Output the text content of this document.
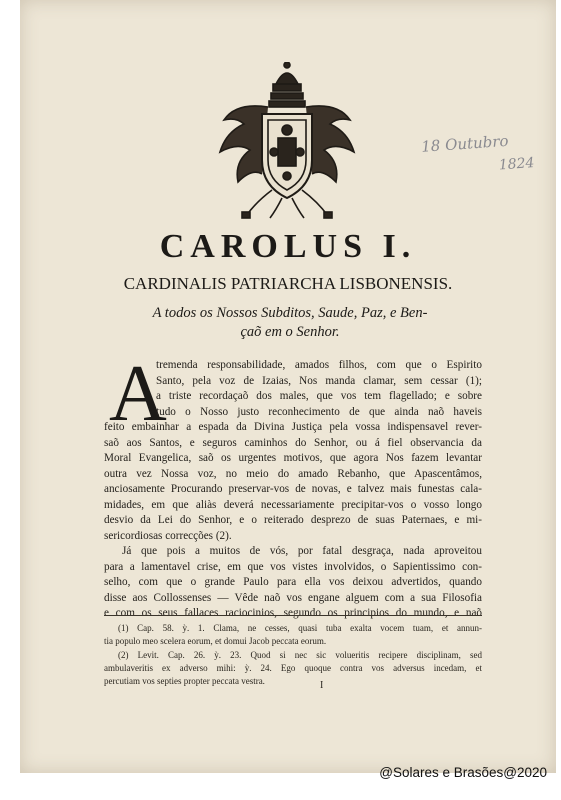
18 Outubro
1824
CAROLUS I.
CARDINALIS PATRIARCHA LISBONENSIS.
A todos os Nossos Subditos, Saude, Paz, e Ben-
çaõ em o Senhor.
A
tremenda responsabilidade, amados filhos, com que o Espirito
Santo, pela voz de Izaias, Nos manda clamar, sem cessar (1);
a triste recordaçaõ dos males, que vos tem flagellado; e sobre
tudo o Nosso justo reconhecimento de que ainda naõ haveis
feito embainhar a espada da Divina Justiça pela vossa indispensavel rever-
saõ aos Santos, e seguros caminhos do Senhor, ou á fiel observancia da
Moral Evangelica, saõ os urgentes motivos, que agora Nos fazem levantar
outra vez Nossa voz, no meio do amado Rebanho, que Apascentâmos,
anciosamente Procurando preservar-vos de novas, e talvez mais funestas cala-
midades, em que aliàs deverá necessariamente precipitar-vos o vosso longo
desvio da Lei do Senhor, e o reiterado desprezo de suas Paternaes, e mi-
sericordiosas correcções (2).
Já que pois a muitos de vós, por fatal desgraça, nada aproveitou
para a lamentavel crise, em que vos vistes involvidos, o Sapientissimo con-
selho, com que o grande Paulo para ella vos deixou advertidos, quando
disse aos Collossenses — Vêde naõ vos engane alguem com a sua Filosofia
e com os seus fallaces raciocinios, segundo os principios do mundo, e naõ
(1) Cap. 58. ỳ. 1. Clama, ne cesses, quasi tuba exalta vocem tuam, et annun-
tia populo meo scelera eorum, et domui Jacob peccata eorum.
(2) Levit. Cap. 26. ỳ. 23. Quod si nec sic volueritis recipere disciplinam, sed
ambulaveritis ex adverso mihi: ỳ. 24. Ego quoque contra vos adversus incedam, et
percutiam vos septies propter peccata vestra.	I
@Solares e Brasões@2020
